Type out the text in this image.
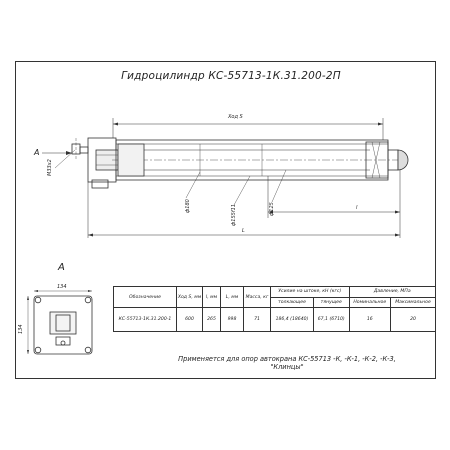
Гидроцилиндр КС-55713-1К.31.200-2П
Ход S
А
М33х2
ф180	ф155f11	ф125	l
L
А
134
134
Обозначение	Ход S, мм	l, мм	L, мм	Масса, кг	Усилие на штоке, кН (кгс)		Давление, МПа	
					толкающее	тянущее	Номинальное	Максимальное
КС-55713-1К.31.200-1	600	265	998	71	186,4 (18640)	67,1 (6710)	16	20
Применяется для опор автокрана КС-55713 -К, -К-1, -К-2, -К-3,
"Клинцы"
